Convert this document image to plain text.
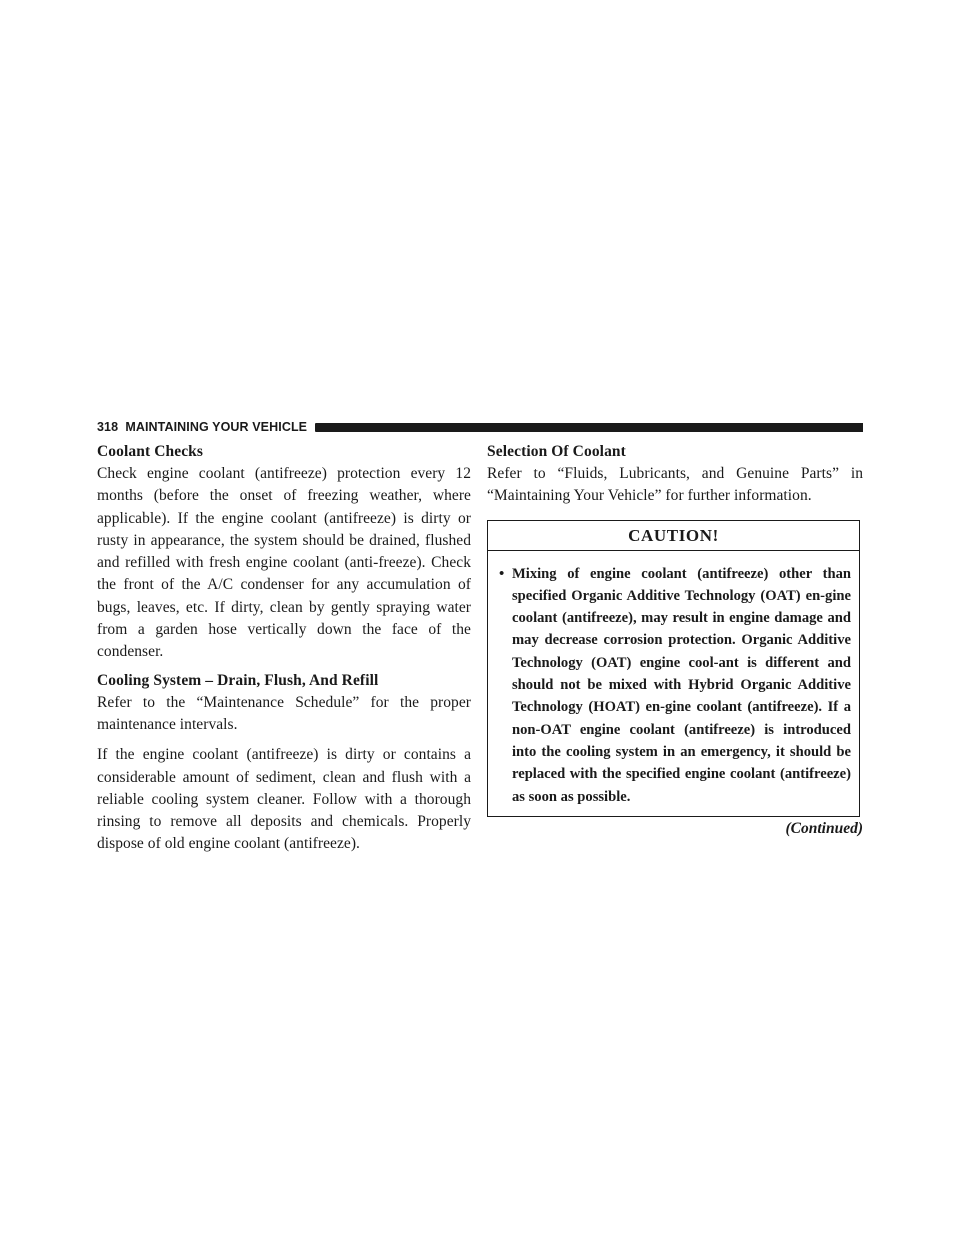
318 MAINTAINING YOUR VEHICLE
Coolant Checks

Check engine coolant (antifreeze) protection every 12 months (before the onset of freezing weather, where applicable). If the engine coolant (antifreeze) is dirty or rusty in appearance, the system should be drained, flushed and refilled with fresh engine coolant (anti-freeze). Check the front of the A/C condenser for any accumulation of bugs, leaves, etc. If dirty, clean by gently spraying water from a garden hose vertically down the face of the condenser.

Cooling System – Drain, Flush, And Refill

Refer to the “Maintenance Schedule” for the proper maintenance intervals.

If the engine coolant (antifreeze) is dirty or contains a considerable amount of sediment, clean and flush with a reliable cooling system cleaner. Follow with a thorough rinsing to remove all deposits and chemicals. Properly dispose of old engine coolant (antifreeze).

Selection Of Coolant

Refer to “Fluids, Lubricants, and Genuine Parts” in “Maintaining Your Vehicle” for further information.

CAUTION!
• Mixing of engine coolant (antifreeze) other than specified Organic Additive Technology (OAT) en-gine coolant (antifreeze), may result in engine damage and may decrease corrosion protection. Organic Additive Technology (OAT) engine cool-ant is different and should not be mixed with Hybrid Organic Additive Technology (HOAT) en-gine coolant (antifreeze). If a non-OAT engine coolant (antifreeze) is introduced into the cooling system in an emergency, it should be replaced with the specified engine coolant (antifreeze) as soon as possible.
(Continued)
